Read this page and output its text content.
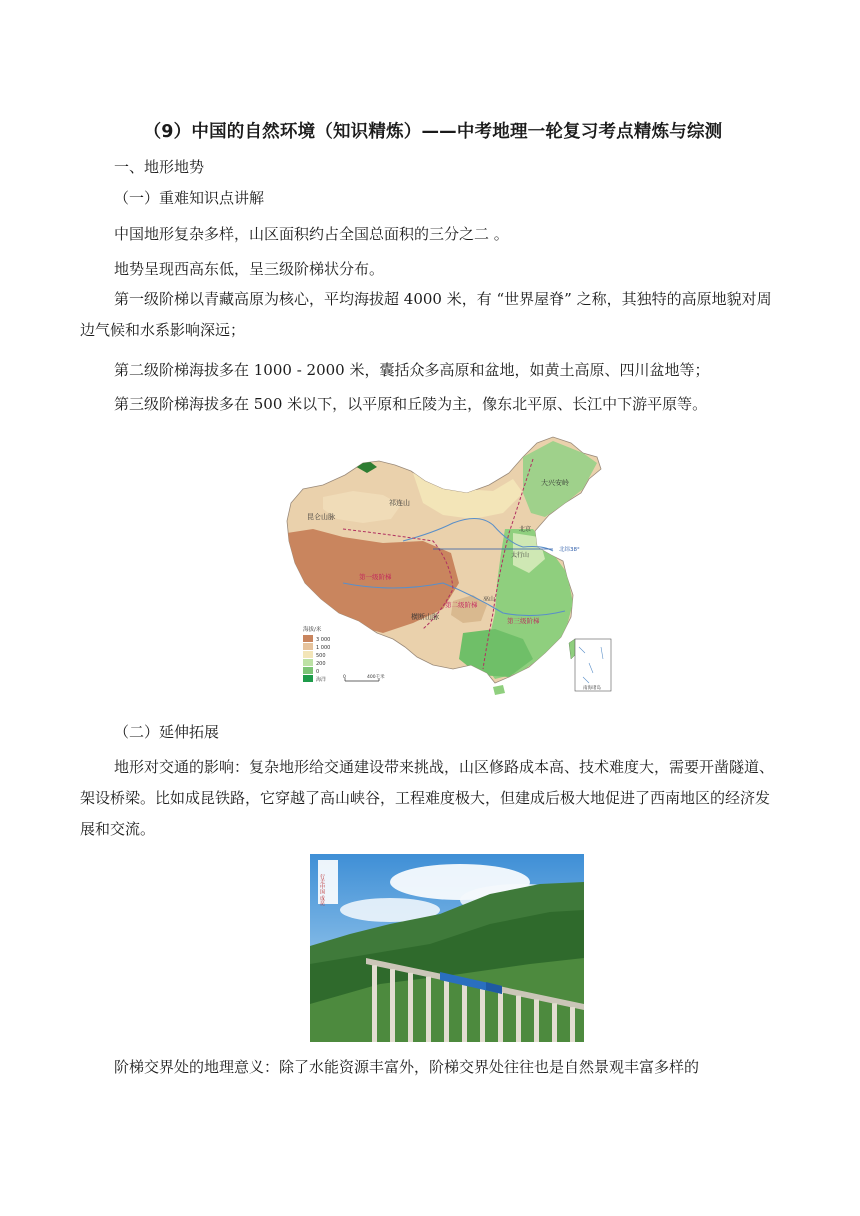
（9）中国的自然环境（知识精炼）——中考地理一轮复习考点精炼与综测
一、地形地势
（一）重难知识点讲解
中国地形复杂多样，山区面积约占全国总面积的三分之二 。
地势呈现西高东低，呈三级阶梯状分布。
第一级阶梯以青藏高原为核心，平均海拔超 4000 米，有 “世界屋脊” 之称，其独特的高原地貌对周边气候和水系影响深远；
第二级阶梯海拔多在 1000 - 2000 米，囊括众多高原和盆地，如黄土高原、四川盆地等；
第三级阶梯海拔多在 500 米以下，以平原和丘陵为主，像东北平原、长江中下游平原等。
昆仑山脉
祁连山
横断山脉
大兴安岭
太行山
巫山
北京
北纬38°
第一级阶梯
第二级阶梯
第三级阶梯
南海诸岛
海拔/米
3 000
1 000
500
200
0
海洋	0	400千米
（二）延伸拓展
地形对交通的影响：复杂地形给交通建设带来挑战，山区修路成本高、技术难度大，需要开凿隧道、架设桥梁。比如成昆铁路，它穿越了高山峡谷，工程难度极大，但建成后极大地促进了西南地区的经济发展和交流。
行走中国 成昆
阶梯交界处的地理意义：除了水能资源丰富外，阶梯交界处往往也是自然景观丰富多样的
